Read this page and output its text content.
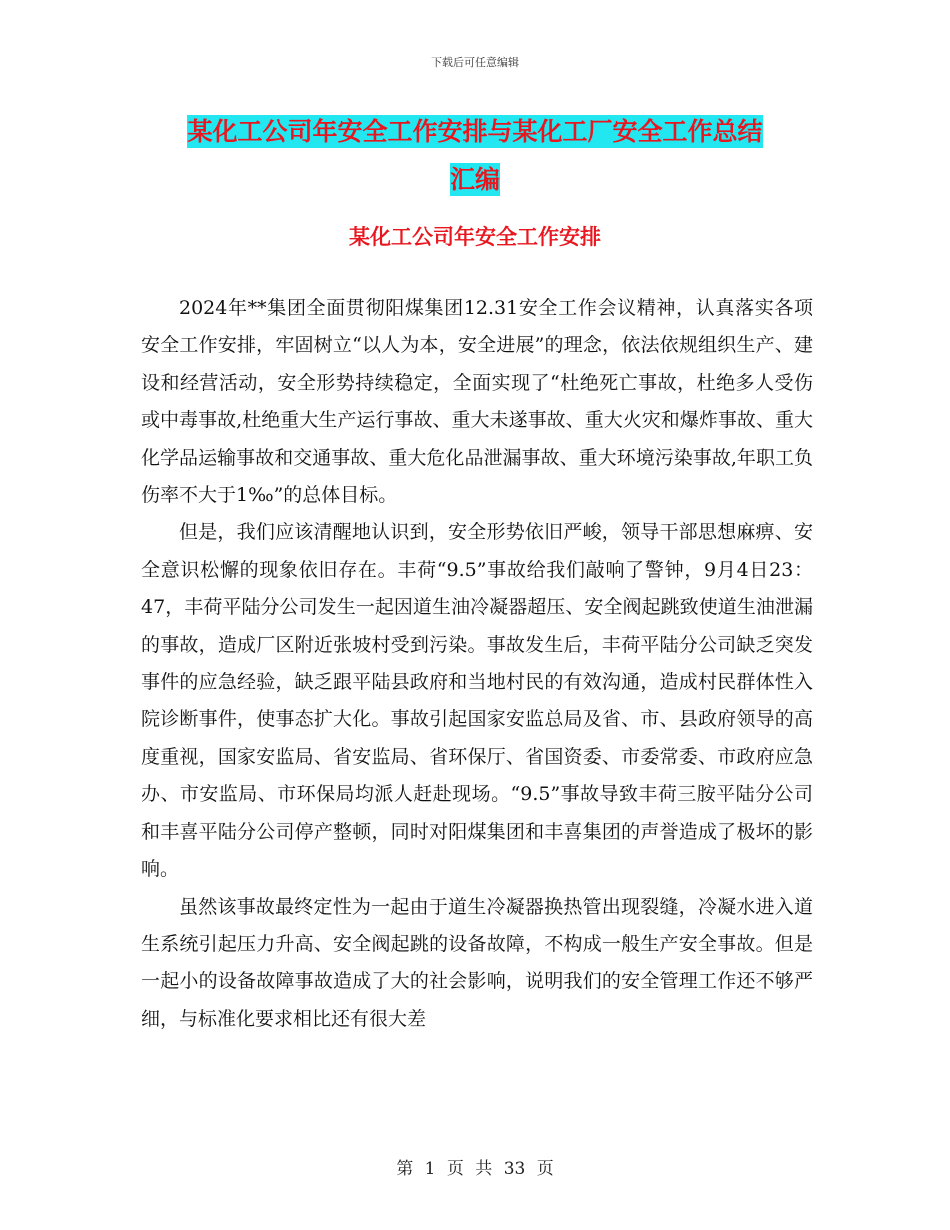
下载后可任意编辑
某化工公司年安全工作安排与某化工厂安全工作总结
汇编
某化工公司年安全工作安排

2024年**集团全面贯彻阳煤集团12.31安全工作会议精神，认真落实各项安全工作安排，牢固树立“以人为本，安全进展”的理念，依法依规组织生产、建设和经营活动，安全形势持续稳定，全面实现了“杜绝死亡事故，杜绝多人受伤或中毒事故,杜绝重大生产运行事故、重大未遂事故、重大火灾和爆炸事故、重大化学品运输事故和交通事故、重大危化品泄漏事故、重大环境污染事故,年职工负伤率不大于1‰”的总体目标。

但是，我们应该清醒地认识到，安全形势依旧严峻，领导干部思想麻痹、安全意识松懈的现象依旧存在。丰荷“9.5”事故给我们敲响了警钟，9月4日23：47，丰荷平陆分公司发生一起因道生油冷凝器超压、安全阀起跳致使道生油泄漏的事故，造成厂区附近张坡村受到污染。事故发生后，丰荷平陆分公司缺乏突发事件的应急经验，缺乏跟平陆县政府和当地村民的有效沟通，造成村民群体性入院诊断事件，使事态扩大化。事故引起国家安监总局及省、市、县政府领导的高度重视，国家安监局、省安监局、省环保厅、省国资委、市委常委、市政府应急办、市安监局、市环保局均派人赶赴现场。“9.5”事故导致丰荷三胺平陆分公司和丰喜平陆分公司停产整顿，同时对阳煤集团和丰喜集团的声誉造成了极坏的影响。

虽然该事故最终定性为一起由于道生冷凝器换热管出现裂缝，冷凝水进入道生系统引起压力升高、安全阀起跳的设备故障，不构成一般生产安全事故。但是一起小的设备故障事故造成了大的社会影响，说明我们的安全管理工作还不够严细，与标准化要求相比还有很大差

第 1 页 共 33 页
